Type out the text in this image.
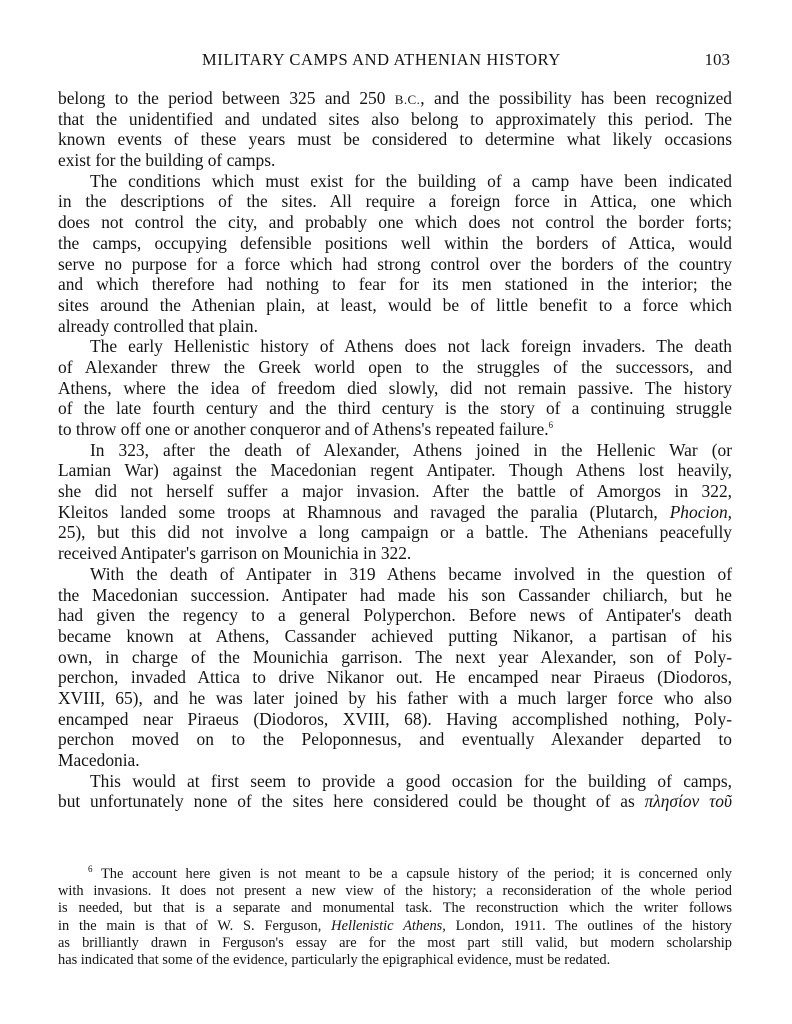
MILITARY CAMPS AND ATHENIAN HISTORY	103
belong to the period between 325 and 250 B.C., and the possibility has been recognized
that the unidentified and undated sites also belong to approximately this period. The
known events of these years must be considered to determine what likely occasions
exist for the building of camps.
The conditions which must exist for the building of a camp have been indicated
in the descriptions of the sites. All require a foreign force in Attica, one which
does not control the city, and probably one which does not control the border forts;
the camps, occupying defensible positions well within the borders of Attica, would
serve no purpose for a force which had strong control over the borders of the country
and which therefore had nothing to fear for its men stationed in the interior; the
sites around the Athenian plain, at least, would be of little benefit to a force which
already controlled that plain.
The early Hellenistic history of Athens does not lack foreign invaders. The death
of Alexander threw the Greek world open to the struggles of the successors, and
Athens, where the idea of freedom died slowly, did not remain passive. The history
of the late fourth century and the third century is the story of a continuing struggle
to throw off one or another conqueror and of Athens's repeated failure.$^6$
In 323, after the death of Alexander, Athens joined in the Hellenic War (or
Lamian War) against the Macedonian regent Antipater. Though Athens lost heavily,
she did not herself suffer a major invasion. After the battle of Amorgos in 322,
Kleitos landed some troops at Rhamnous and ravaged the paralia (Plutarch, Phocion,
25), but this did not involve a long campaign or a battle. The Athenians peacefully
received Antipater's garrison on Mounichia in 322.
With the death of Antipater in 319 Athens became involved in the question of
the Macedonian succession. Antipater had made his son Cassander chiliarch, but he
had given the regency to a general Polyperchon. Before news of Antipater's death
became known at Athens, Cassander achieved putting Nikanor, a partisan of his
own, in charge of the Mounichia garrison. The next year Alexander, son of Poly-
perchon, invaded Attica to drive Nikanor out. He encamped near Piraeus (Diodoros,
XVIII, 65), and he was later joined by his father with a much larger force who also
encamped near Piraeus (Diodoros, XVIII, 68). Having accomplished nothing, Poly-
perchon moved on to the Peloponnesus, and eventually Alexander departed to
Macedonia.
This would at first seem to provide a good occasion for the building of camps,
but unfortunately none of the sites here considered could be thought of as πλησίον τοῦ
$^6$ The account here given is not meant to be a capsule history of the period; it is concerned only
with invasions. It does not present a new view of the history; a reconsideration of the whole period
is needed, but that is a separate and monumental task. The reconstruction which the writer follows
in the main is that of W. S. Ferguson, Hellenistic Athens, London, 1911. The outlines of the history
as brilliantly drawn in Ferguson's essay are for the most part still valid, but modern scholarship
has indicated that some of the evidence, particularly the epigraphical evidence, must be redated.
